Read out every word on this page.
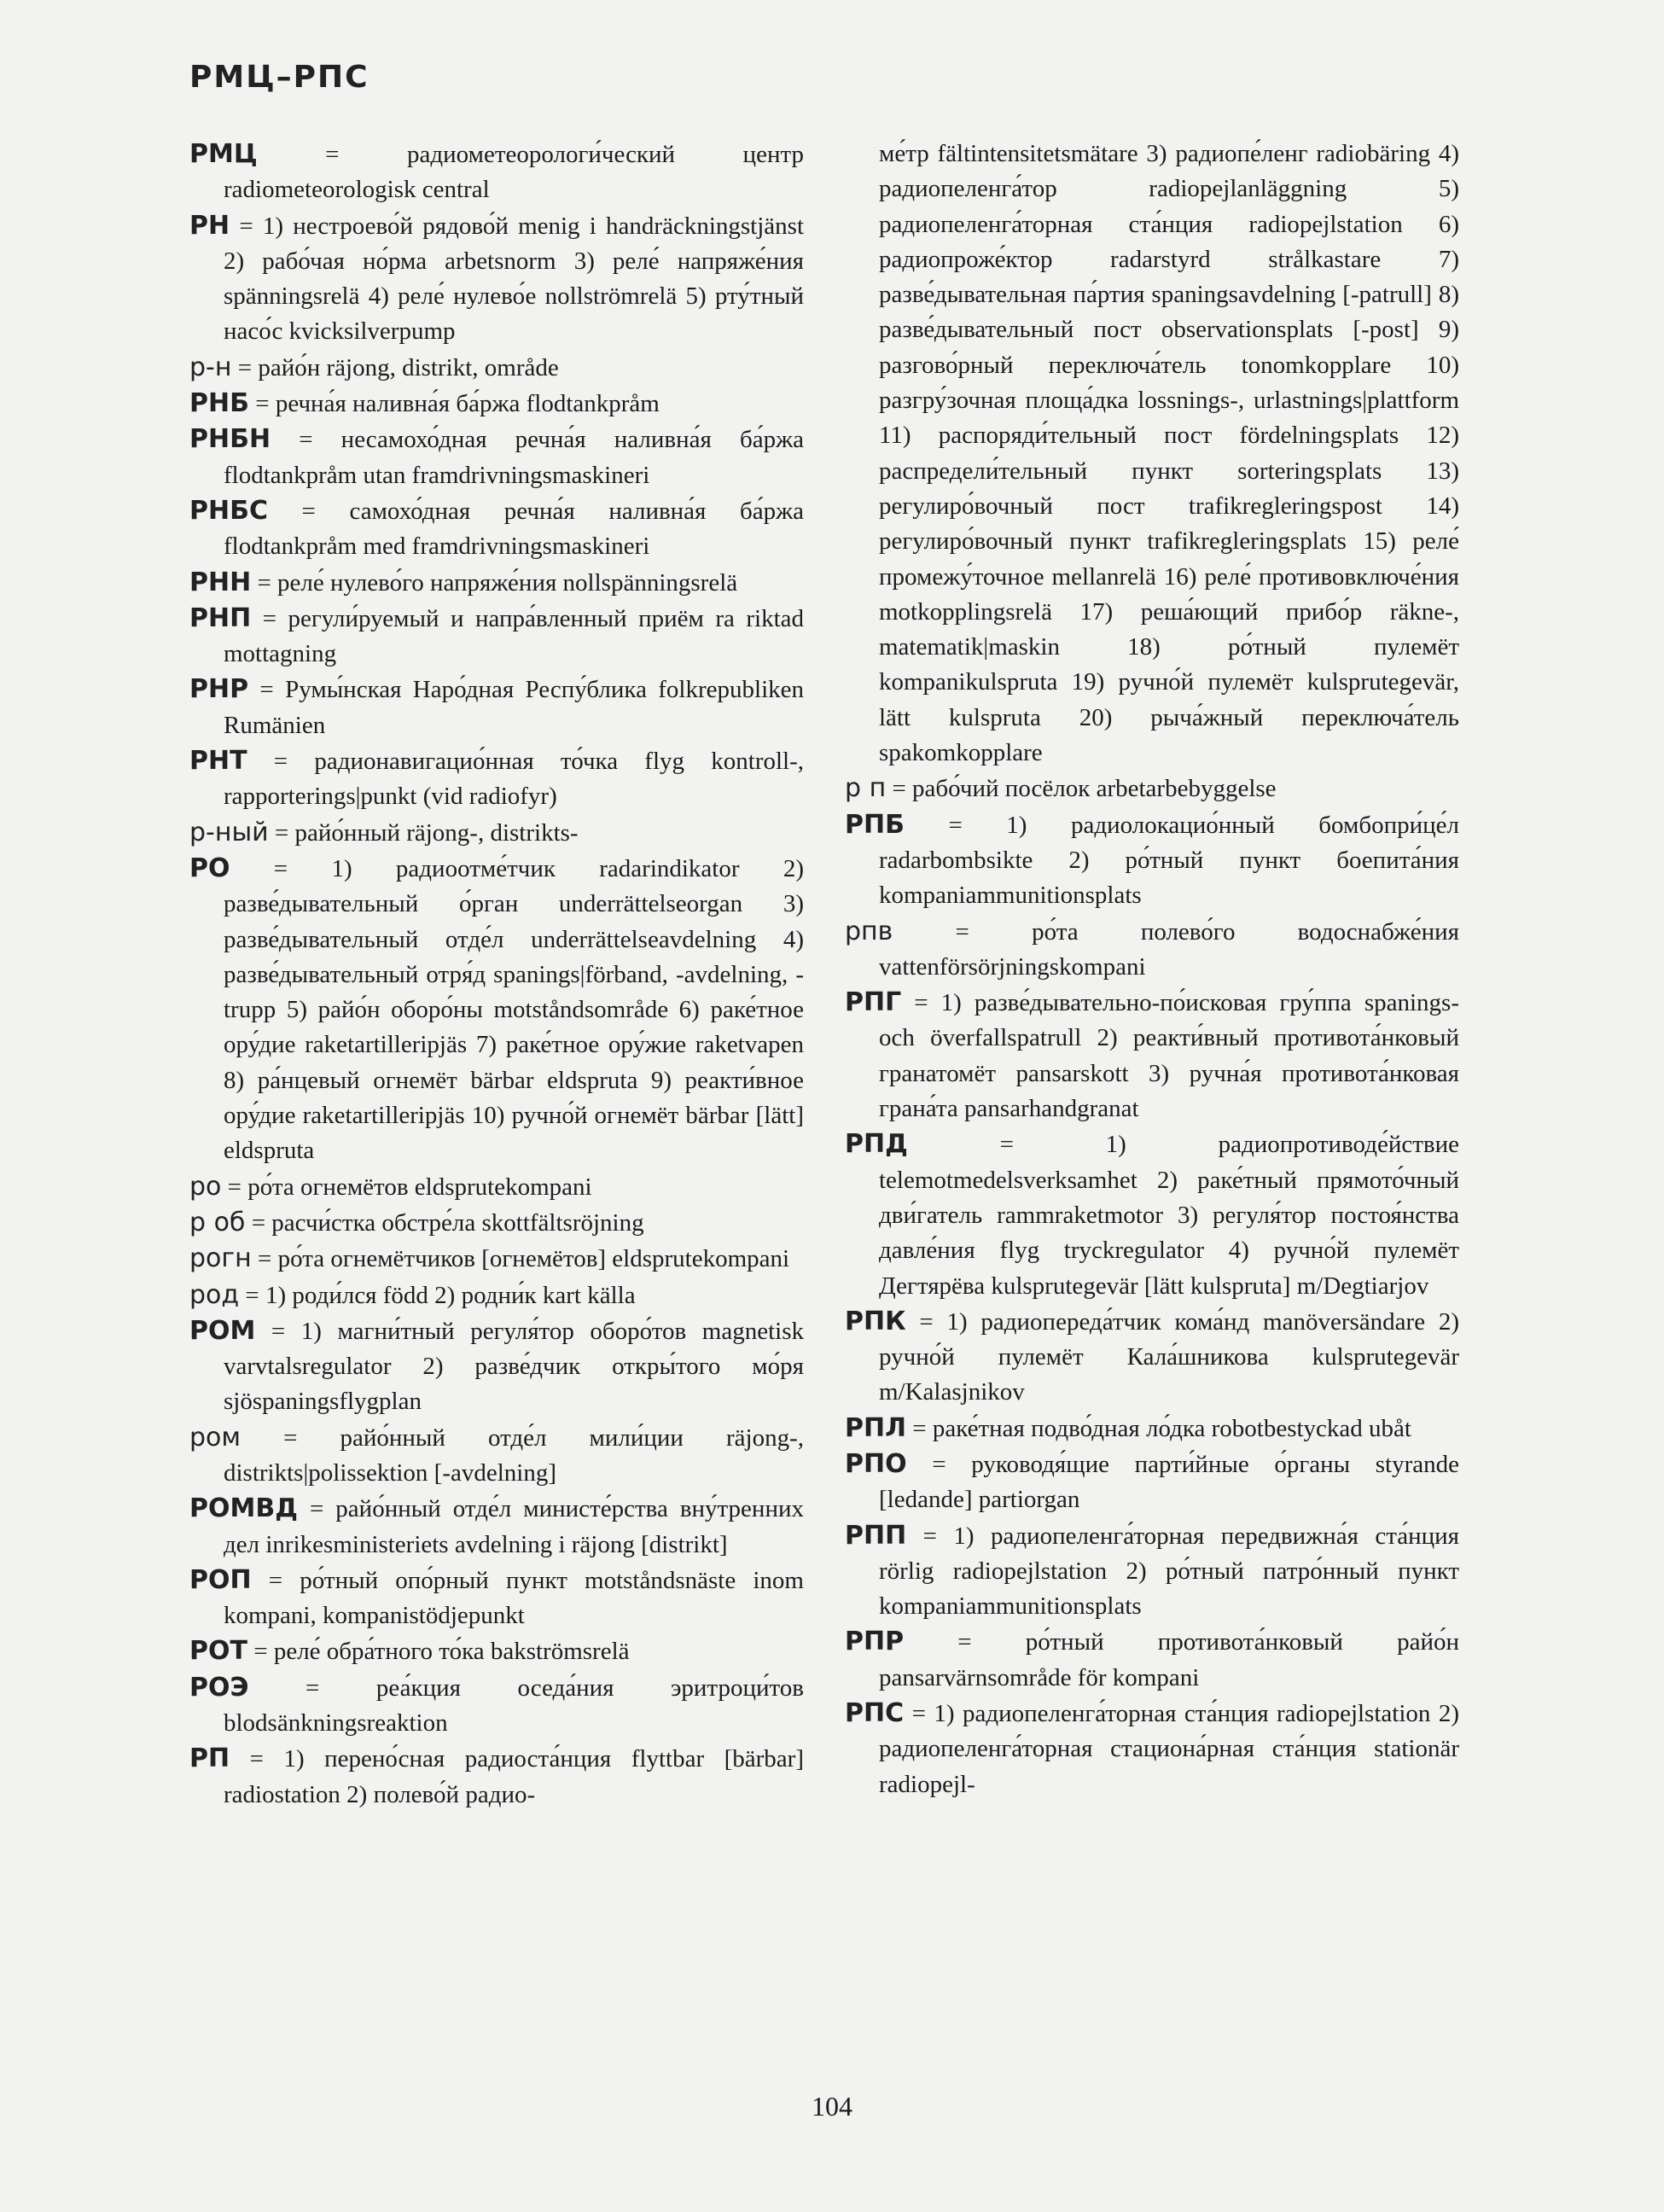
РМЦ–РПС

РМЦ = радиометеорологи́ческий центр radiometeorologisk central

РН = 1) нестроево́й рядово́й menig i handräckningstjänst 2) рабо́чая но́рма arbetsnorm 3) реле́ напряже́ния spänningsrelä 4) реле́ нулево́е nollströmrelä 5) рту́тный насо́с kvicksilverpump

р-н = райо́н räjong, distrikt, område

РНБ = речна́я наливна́я ба́ржа flodtankpråm

РНБН = несамохо́дная речна́я наливна́я ба́ржа flodtankpråm utan framdrivningsmaskineri

РНБС = самохо́дная речна́я наливна́я ба́ржа flodtankpråm med framdrivningsmaskineri

РНН = реле́ нулево́го напряже́ния nollspänningsrelä

РНП = регули́руемый и напра́вленный приём ra riktad mottagning

РНР = Румы́нская Наро́дная Респу́блика folkrepubliken Rumänien

РНТ = радионавигацио́нная то́чка flyg kontroll-, rapporterings|punkt (vid radiofyr)

р-ный = райо́нный räjong-, distrikts-

РО = 1) радиоотме́тчик radarindikator 2) разве́дывательный о́рган underrättelseorgan 3) разве́дывательный отде́л underrättelseavdelning 4) разве́дывательный отря́д spanings|förband, -avdelning, -trupp 5) райо́н оборо́ны motståndsområde 6) раке́тное ору́дие raketartilleripjäs 7) раке́тное ору́жие raketvapen 8) ра́нцевый огнемёт bärbar eldspruta 9) реакти́вное ору́дие raketartilleripjäs 10) ручно́й огнемёт bärbar [lätt] eldspruta

ро = ро́та огнемётов eldsprutekompani

р об = расчи́стка обстре́ла skottfältsröjning

рогн = ро́та огнемётчиков [огнемётов] eldsprutekompani

род = 1) роди́лся född 2) родни́к kart källa

РОМ = 1) магни́тный регуля́тор оборо́тов magnetisk varvtalsregulator 2) разве́дчик откры́того мо́ря sjöspaningsflygplan

ром = райо́нный отде́л мили́ции räjong-, distrikts|polissektion [-avdelning]

РОМВД = райо́нный отде́л министе́рства вну́тренних дел inrikesministeriets avdelning i räjong [distrikt]

РОП = ро́тный опо́рный пункт motståndsnäste inom kompani, kompanistödjepunkt

РОТ = реле́ обра́тного то́ка bakströmsrelä

РОЭ = реа́кция оседа́ния эритроци́тов blodsänkningsreaktion

РП = 1) перено́сная радиоста́нция flyttbar [bärbar] radiostation 2) полево́й радио-

ме́тр fältintensitetsmätare 3) радиопе́ленг radiobäring 4) радиопеленга́тор radiopejlanläggning 5) радиопеленга́торная ста́нция radiopejlstation 6) радиопроже́ктор radarstyrd strålkastare 7) разве́дывательная па́ртия spaningsavdelning [-patrull] 8) разве́дывательный пост observationsplats [-post] 9) разгово́рный переключа́тель tonomkopplare 10) разгру́зочная площа́дка lossnings-, urlastnings|plattform 11) распоряди́тельный пост fördelningsplats 12) распредели́тельный пункт sorteringsplats 13) регулиро́вочный пост trafikregleringspost 14) регулиро́вочный пункт trafikregleringsplats 15) реле́ промежу́точное mellanrelä 16) реле́ противовключе́ния motkopplingsrelä 17) реша́ющий прибо́р räkne-, matematik|maskin 18) ро́тный пулемёт kompanikulspruta 19) ручно́й пулемёт kulsprutegevär, lätt kulspruta 20) рыча́жный переключа́тель spakomkopplare

р п = рабо́чий посёлок arbetarbebyggelse

РПБ = 1) радиолокацио́нный бомбопри́це́л radarbombsikte 2) ро́тный пункт боепита́ния kompaniammunitionsplats

рпв = ро́та полево́го водоснабже́ния vattenförsörjningskompani

РПГ = 1) разве́дывательно-по́исковая гру́ппа spanings- och överfallspatrull 2) реакти́вный противота́нковый гранатомёт pansarskott 3) ручна́я противота́нковая грана́та pansarhandgranat

РПД = 1) радиопротиводе́йствие telemotmedelsverksamhet 2) раке́тный прямото́чный дви́гатель rammraketmotor 3) регуля́тор постоя́нства давле́ния flyg tryckregulator 4) ручно́й пулемёт Дегтярёва kulsprutegevär [lätt kulspruta] m/Degtiarjov

РПК = 1) радиопереда́тчик кома́нд manöversändare 2) ручно́й пулемёт Кала́шникова kulsprutegevär m/Kalasjnikov

РПЛ = раке́тная подво́дная ло́дка robotbestyckad ubåt

РПО = руководя́щие парти́йные о́рганы styrande [ledande] partiorgan

РПП = 1) радиопеленга́торная передвижна́я ста́нция rörlig radiopejlstation 2) ро́тный патро́нный пункт kompaniammunitionsplats

РПР = ро́тный противота́нковый райо́н pansarvärnsområde för kompani

РПС = 1) радиопеленга́торная ста́нция radiopejlstation 2) радиопеленга́торная стациона́рная ста́нция stationär radiopejl-

104
